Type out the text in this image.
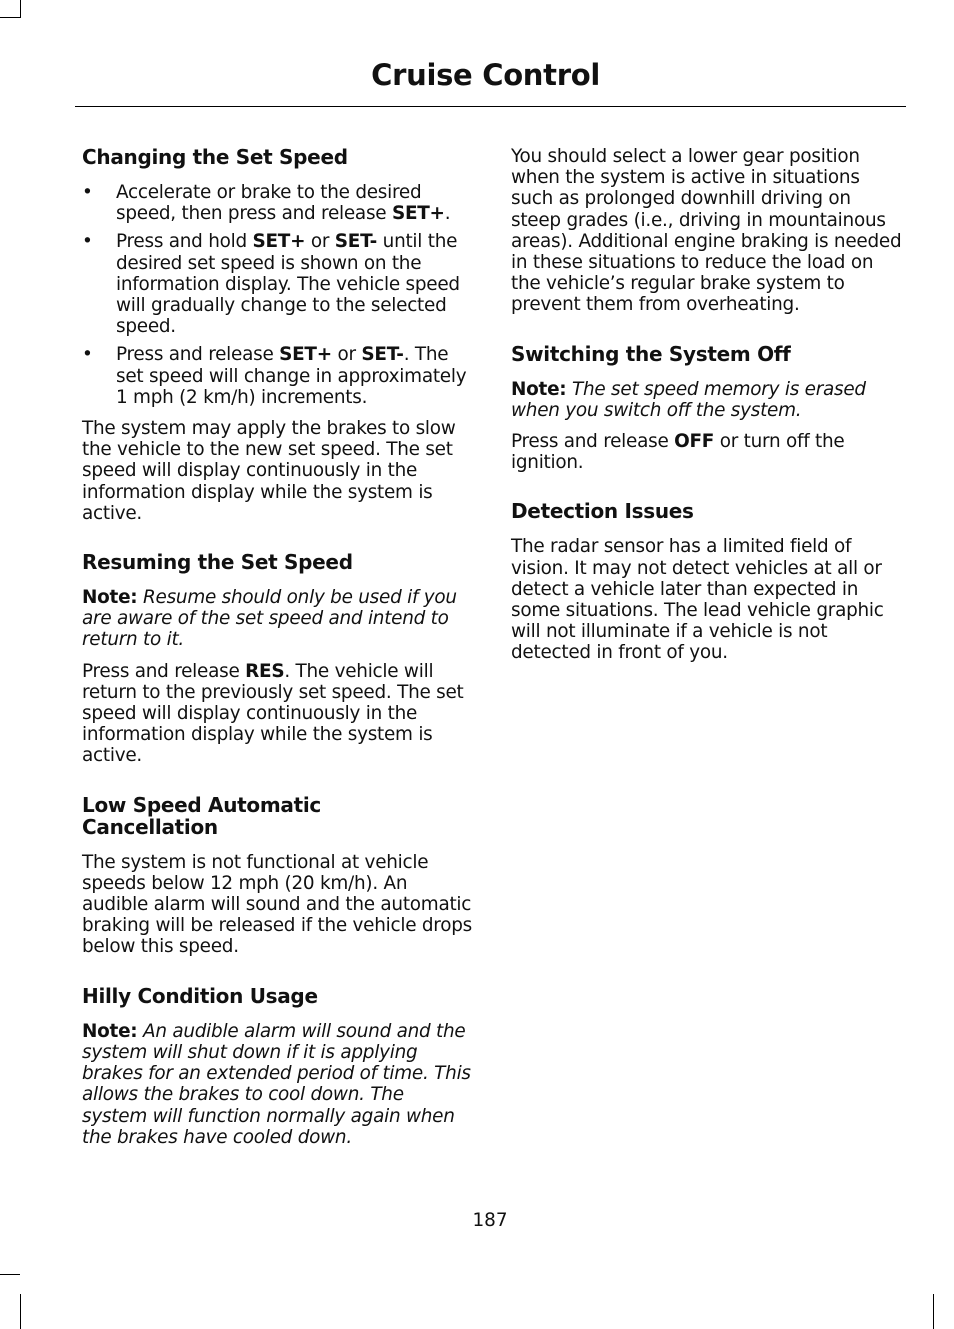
Cruise Control
Changing the Set Speed
• Accelerate or brake to the desired speed, then press and release SET+.
• Press and hold SET+ or SET- until the desired set speed is shown on the information display. The vehicle speed will gradually change to the selected speed.
• Press and release SET+ or SET-. The set speed will change in approximately 1 mph (2 km/h) increments.

The system may apply the brakes to slow the vehicle to the new set speed. The set speed will display continuously in the information display while the system is active.

Resuming the Set Speed

Note: Resume should only be used if you are aware of the set speed and intend to return to it.

Press and release RES. The vehicle will return to the previously set speed. The set speed will display continuously in the information display while the system is active.

Low Speed Automatic Cancellation

The system is not functional at vehicle speeds below 12 mph (20 km/h). An audible alarm will sound and the automatic braking will be released if the vehicle drops below this speed.

Hilly Condition Usage

Note: An audible alarm will sound and the system will shut down if it is applying brakes for an extended period of time. This allows the brakes to cool down. The system will function normally again when the brakes have cooled down.

You should select a lower gear position when the system is active in situations such as prolonged downhill driving on steep grades (i.e., driving in mountainous areas). Additional engine braking is needed in these situations to reduce the load on the vehicle’s regular brake system to prevent them from overheating.

Switching the System Off

Note: The set speed memory is erased when you switch off the system.

Press and release OFF or turn off the ignition.

Detection Issues

The radar sensor has a limited field of vision. It may not detect vehicles at all or detect a vehicle later than expected in some situations. The lead vehicle graphic will not illuminate if a vehicle is not detected in front of you.

187
